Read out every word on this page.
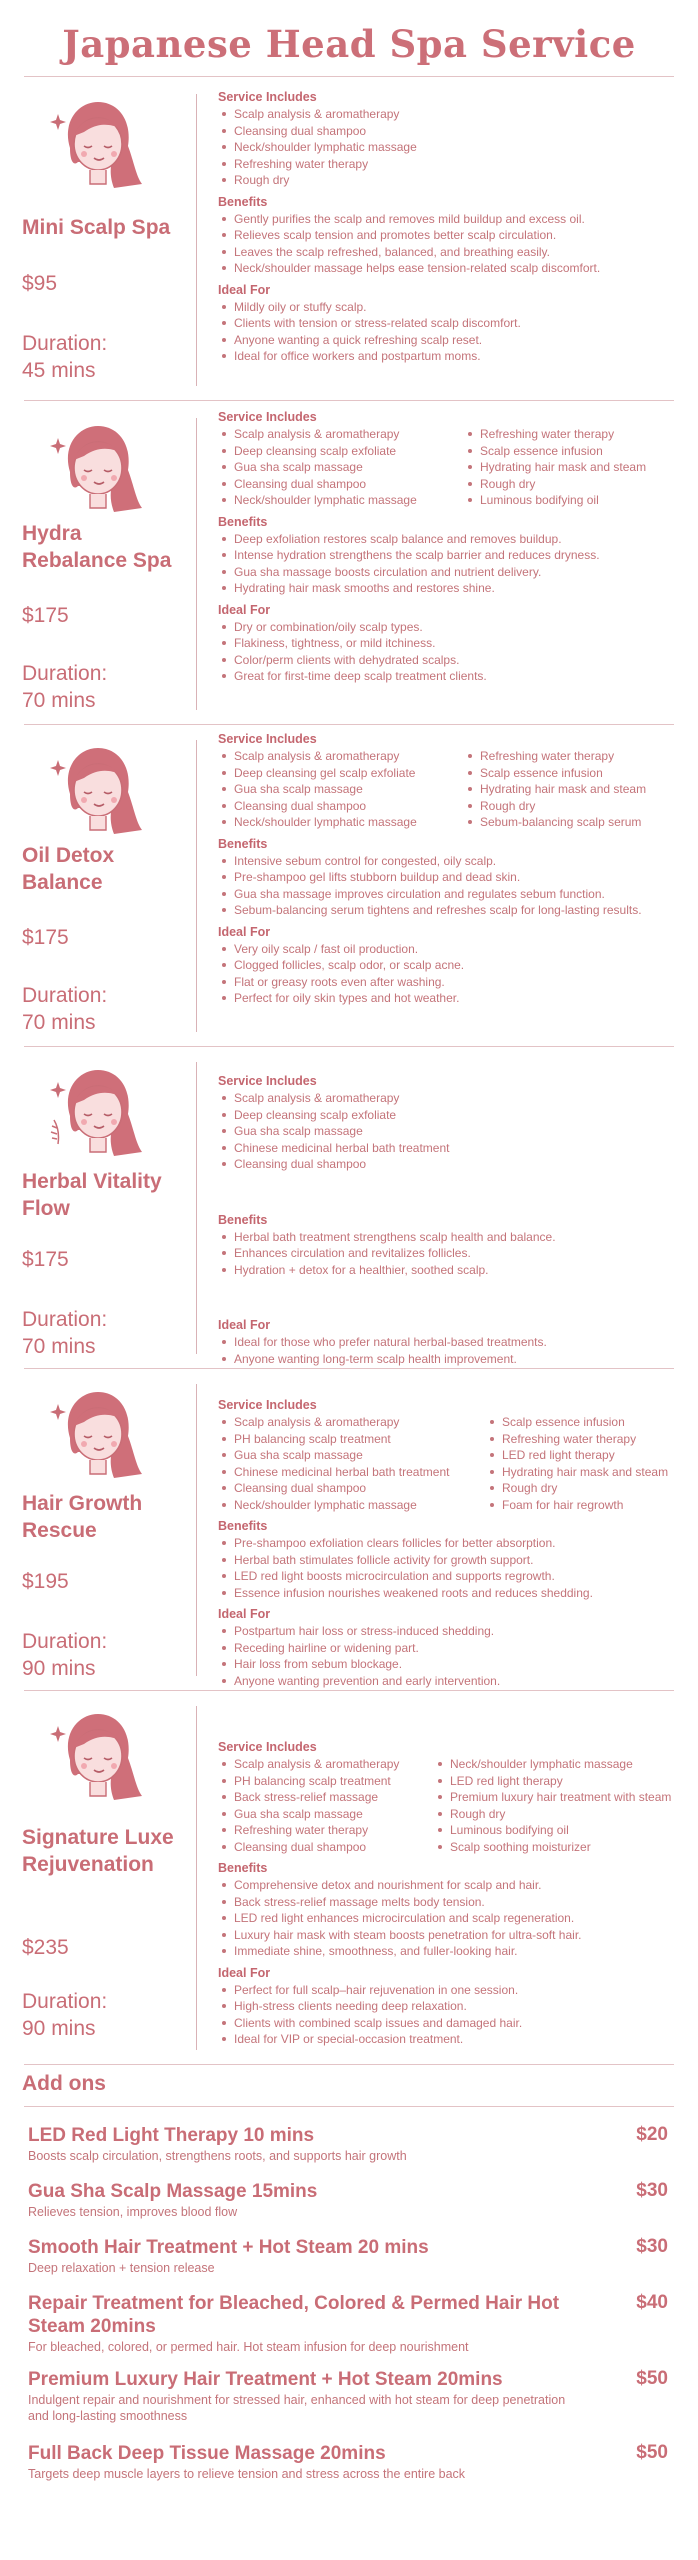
Japanese Head Spa Service
Mini Scalp Spa
$95
Duration:
45 mins
Service Includes
Scalp analysis & aromatherapy
Cleansing dual shampoo
Neck/shoulder lymphatic massage
Refreshing water therapy
Rough dry
Benefits
Gently purifies the scalp and removes mild buildup and excess oil.
Relieves scalp tension and promotes better scalp circulation.
Leaves the scalp refreshed, balanced, and breathing easily.
Neck/shoulder massage helps ease tension-related scalp discomfort.
Ideal For
Mildly oily or stuffy scalp.
Clients with tension or stress-related scalp discomfort.
Anyone wanting a quick refreshing scalp reset.
Ideal for office workers and postpartum moms.
Hydra Rebalance Spa
$175
Duration:
70 mins
Service Includes
Scalp analysis & aromatherapy
Deep cleansing scalp exfoliate
Gua sha scalp massage
Cleansing dual shampoo
Neck/shoulder lymphatic massage
Refreshing water therapy
Scalp essence infusion
Hydrating hair mask and steam
Rough dry
Luminous bodifying oil
Benefits
Deep exfoliation restores scalp balance and removes buildup.
Intense hydration strengthens the scalp barrier and reduces dryness.
Gua sha massage boosts circulation and nutrient delivery.
Hydrating hair mask smooths and restores shine.
Ideal For
Dry or combination/oily scalp types.
Flakiness, tightness, or mild itchiness.
Color/perm clients with dehydrated scalps.
Great for first-time deep scalp treatment clients.
Oil Detox Balance
$175
Duration:
70 mins
Service Includes
Scalp analysis & aromatherapy
Deep cleansing gel scalp exfoliate
Gua sha scalp massage
Cleansing dual shampoo
Neck/shoulder lymphatic massage
Refreshing water therapy
Scalp essence infusion
Hydrating hair mask and steam
Rough dry
Sebum-balancing scalp serum
Benefits
Intensive sebum control for congested, oily scalp.
Pre-shampoo gel lifts stubborn buildup and dead skin.
Gua sha massage improves circulation and regulates sebum function.
Sebum-balancing serum tightens and refreshes scalp for long-lasting results.
Ideal For
Very oily scalp / fast oil production.
Clogged follicles, scalp odor, or scalp acne.
Flat or greasy roots even after washing.
Perfect for oily skin types and hot weather.
Herbal Vitality Flow
$175
Duration:
70 mins
Service Includes
Scalp analysis & aromatherapy
Deep cleansing scalp exfoliate
Gua sha scalp massage
Chinese medicinal herbal bath treatment
Cleansing dual shampoo
Benefits
Herbal bath treatment strengthens scalp health and balance.
Enhances circulation and revitalizes follicles.
Hydration + detox for a healthier, soothed scalp.
Ideal For
Ideal for those who prefer natural herbal-based treatments.
Anyone wanting long-term scalp health improvement.
Hair Growth Rescue
$195
Duration:
90 mins
Service Includes
Scalp analysis & aromatherapy
PH balancing scalp treatment
Gua sha scalp massage
Chinese medicinal herbal bath treatment
Cleansing dual shampoo
Neck/shoulder lymphatic massage
Scalp essence infusion
Refreshing water therapy
LED red light therapy
Hydrating hair mask and steam
Rough dry
Foam for hair regrowth
Benefits
Pre-shampoo exfoliation clears follicles for better absorption.
Herbal bath stimulates follicle activity for growth support.
LED red light boosts microcirculation and supports regrowth.
Essence infusion nourishes weakened roots and reduces shedding.
Ideal For
Postpartum hair loss or stress-induced shedding.
Receding hairline or widening part.
Hair loss from sebum blockage.
Anyone wanting prevention and early intervention.
Signature Luxe Rejuvenation
$235
Duration:
90 mins
Service Includes
Scalp analysis & aromatherapy
PH balancing scalp treatment
Back stress-relief massage
Gua sha scalp massage
Refreshing water therapy
Cleansing dual shampoo
Neck/shoulder lymphatic massage
LED red light therapy
Premium luxury hair treatment with steam
Rough dry
Luminous bodifying oil
Scalp soothing moisturizer
Benefits
Comprehensive detox and nourishment for scalp and hair.
Back stress-relief massage melts body tension.
LED red light enhances microcirculation and scalp regeneration.
Luxury hair mask with steam boosts penetration for ultra-soft hair.
Immediate shine, smoothness, and fuller-looking hair.
Ideal For
Perfect for full scalp–hair rejuvenation in one session.
High-stress clients needing deep relaxation.
Clients with combined scalp issues and damaged hair.
Ideal for VIP or special-occasion treatment.
Add ons
LED Red Light Therapy 10 mins	$20
Boosts scalp circulation, strengthens roots, and supports hair growth
Gua Sha Scalp Massage 15mins	$30
Relieves tension, improves blood flow
Smooth Hair Treatment + Hot Steam 20 mins	$30
Deep relaxation + tension release
Repair Treatment for Bleached, Colored & Permed Hair Hot Steam 20mins
$40
For bleached, colored, or permed hair. Hot steam infusion for deep nourishment
Premium Luxury Hair Treatment + Hot Steam 20mins	$50
Indulgent repair and nourishment for stressed hair, enhanced with hot steam for deep penetration and long-lasting smoothness
Full Back Deep Tissue Massage 20mins	$50
Targets deep muscle layers to relieve tension and stress across the entire back
